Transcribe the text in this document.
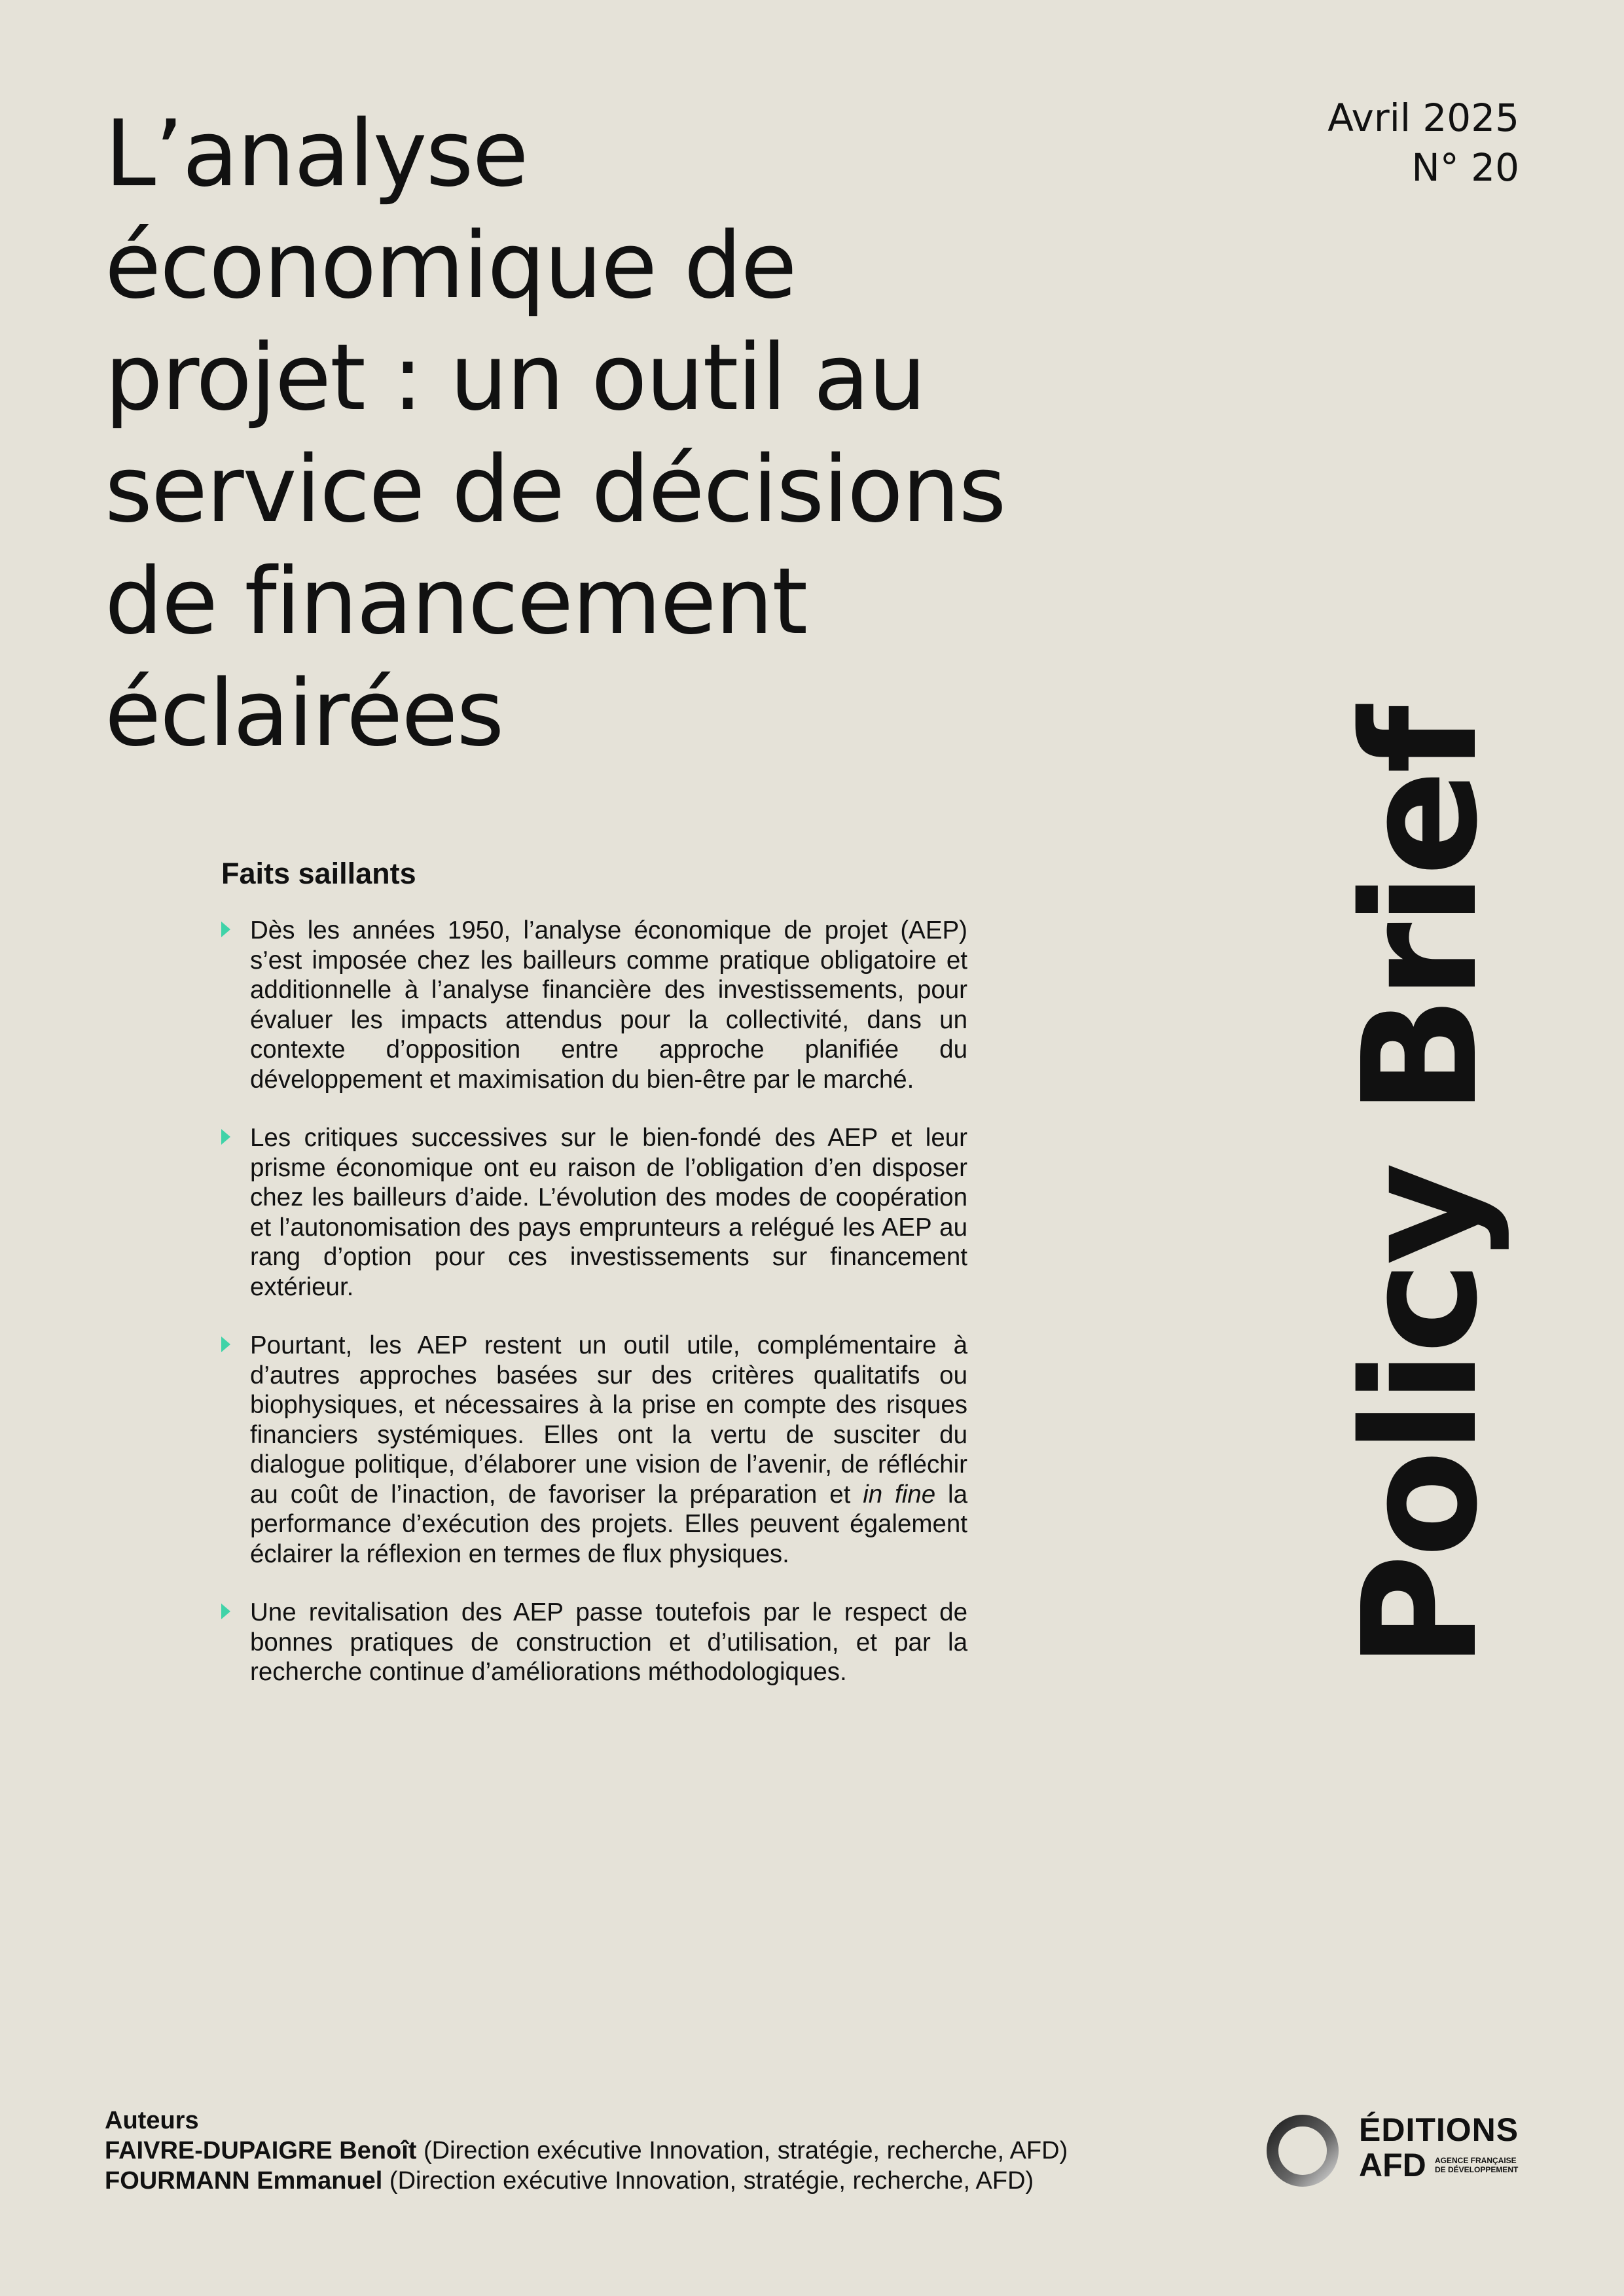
L’analyse
économique de
projet : un outil au
service de décisions
de financement
éclairées
Avril 2025
N° 20
Policy Brief
Faits saillants
Dès les années 1950, l’analyse économique de projet (AEP) s’est imposée chez les bailleurs comme pratique obligatoire et additionnelle à l’analyse financière des investissements, pour évaluer les impacts attendus pour la collectivité, dans un contexte d’opposition entre approche planifiée du développement et maximisation du bien-être par le marché.
Les critiques successives sur le bien-fondé des AEP et leur prisme économique ont eu raison de l’obligation d’en disposer chez les bailleurs d’aide. L’évolution des modes de coopération et l’autonomisation des pays emprunteurs a relégué les AEP au rang d’option pour ces investissements sur financement extérieur.
Pourtant, les AEP restent un outil utile, complémentaire à d’autres approches basées sur des critères qualitatifs ou biophysiques, et nécessaires à la prise en compte des risques financiers systémiques. Elles ont la vertu de susciter du dialogue politique, d’élaborer une vision de l’avenir, de réfléchir au coût de l’inaction, de favoriser la préparation et in fine la performance d’exécution des projets. Elles peuvent également éclairer la réflexion en termes de flux physiques.
Une revitalisation des AEP passe toutefois par le respect de bonnes pratiques de construction et d’utilisation, et par la recherche continue d’améliorations méthodologiques.
Auteurs
FAIVRE-DUPAIGRE Benoît (Direction exécutive Innovation, stratégie, recherche, AFD)
FOURMANN Emmanuel (Direction exécutive Innovation, stratégie, recherche, AFD)
ÉDITIONS
AFD AGENCE FRANÇAISE
DE DÉVELOPPEMENT
